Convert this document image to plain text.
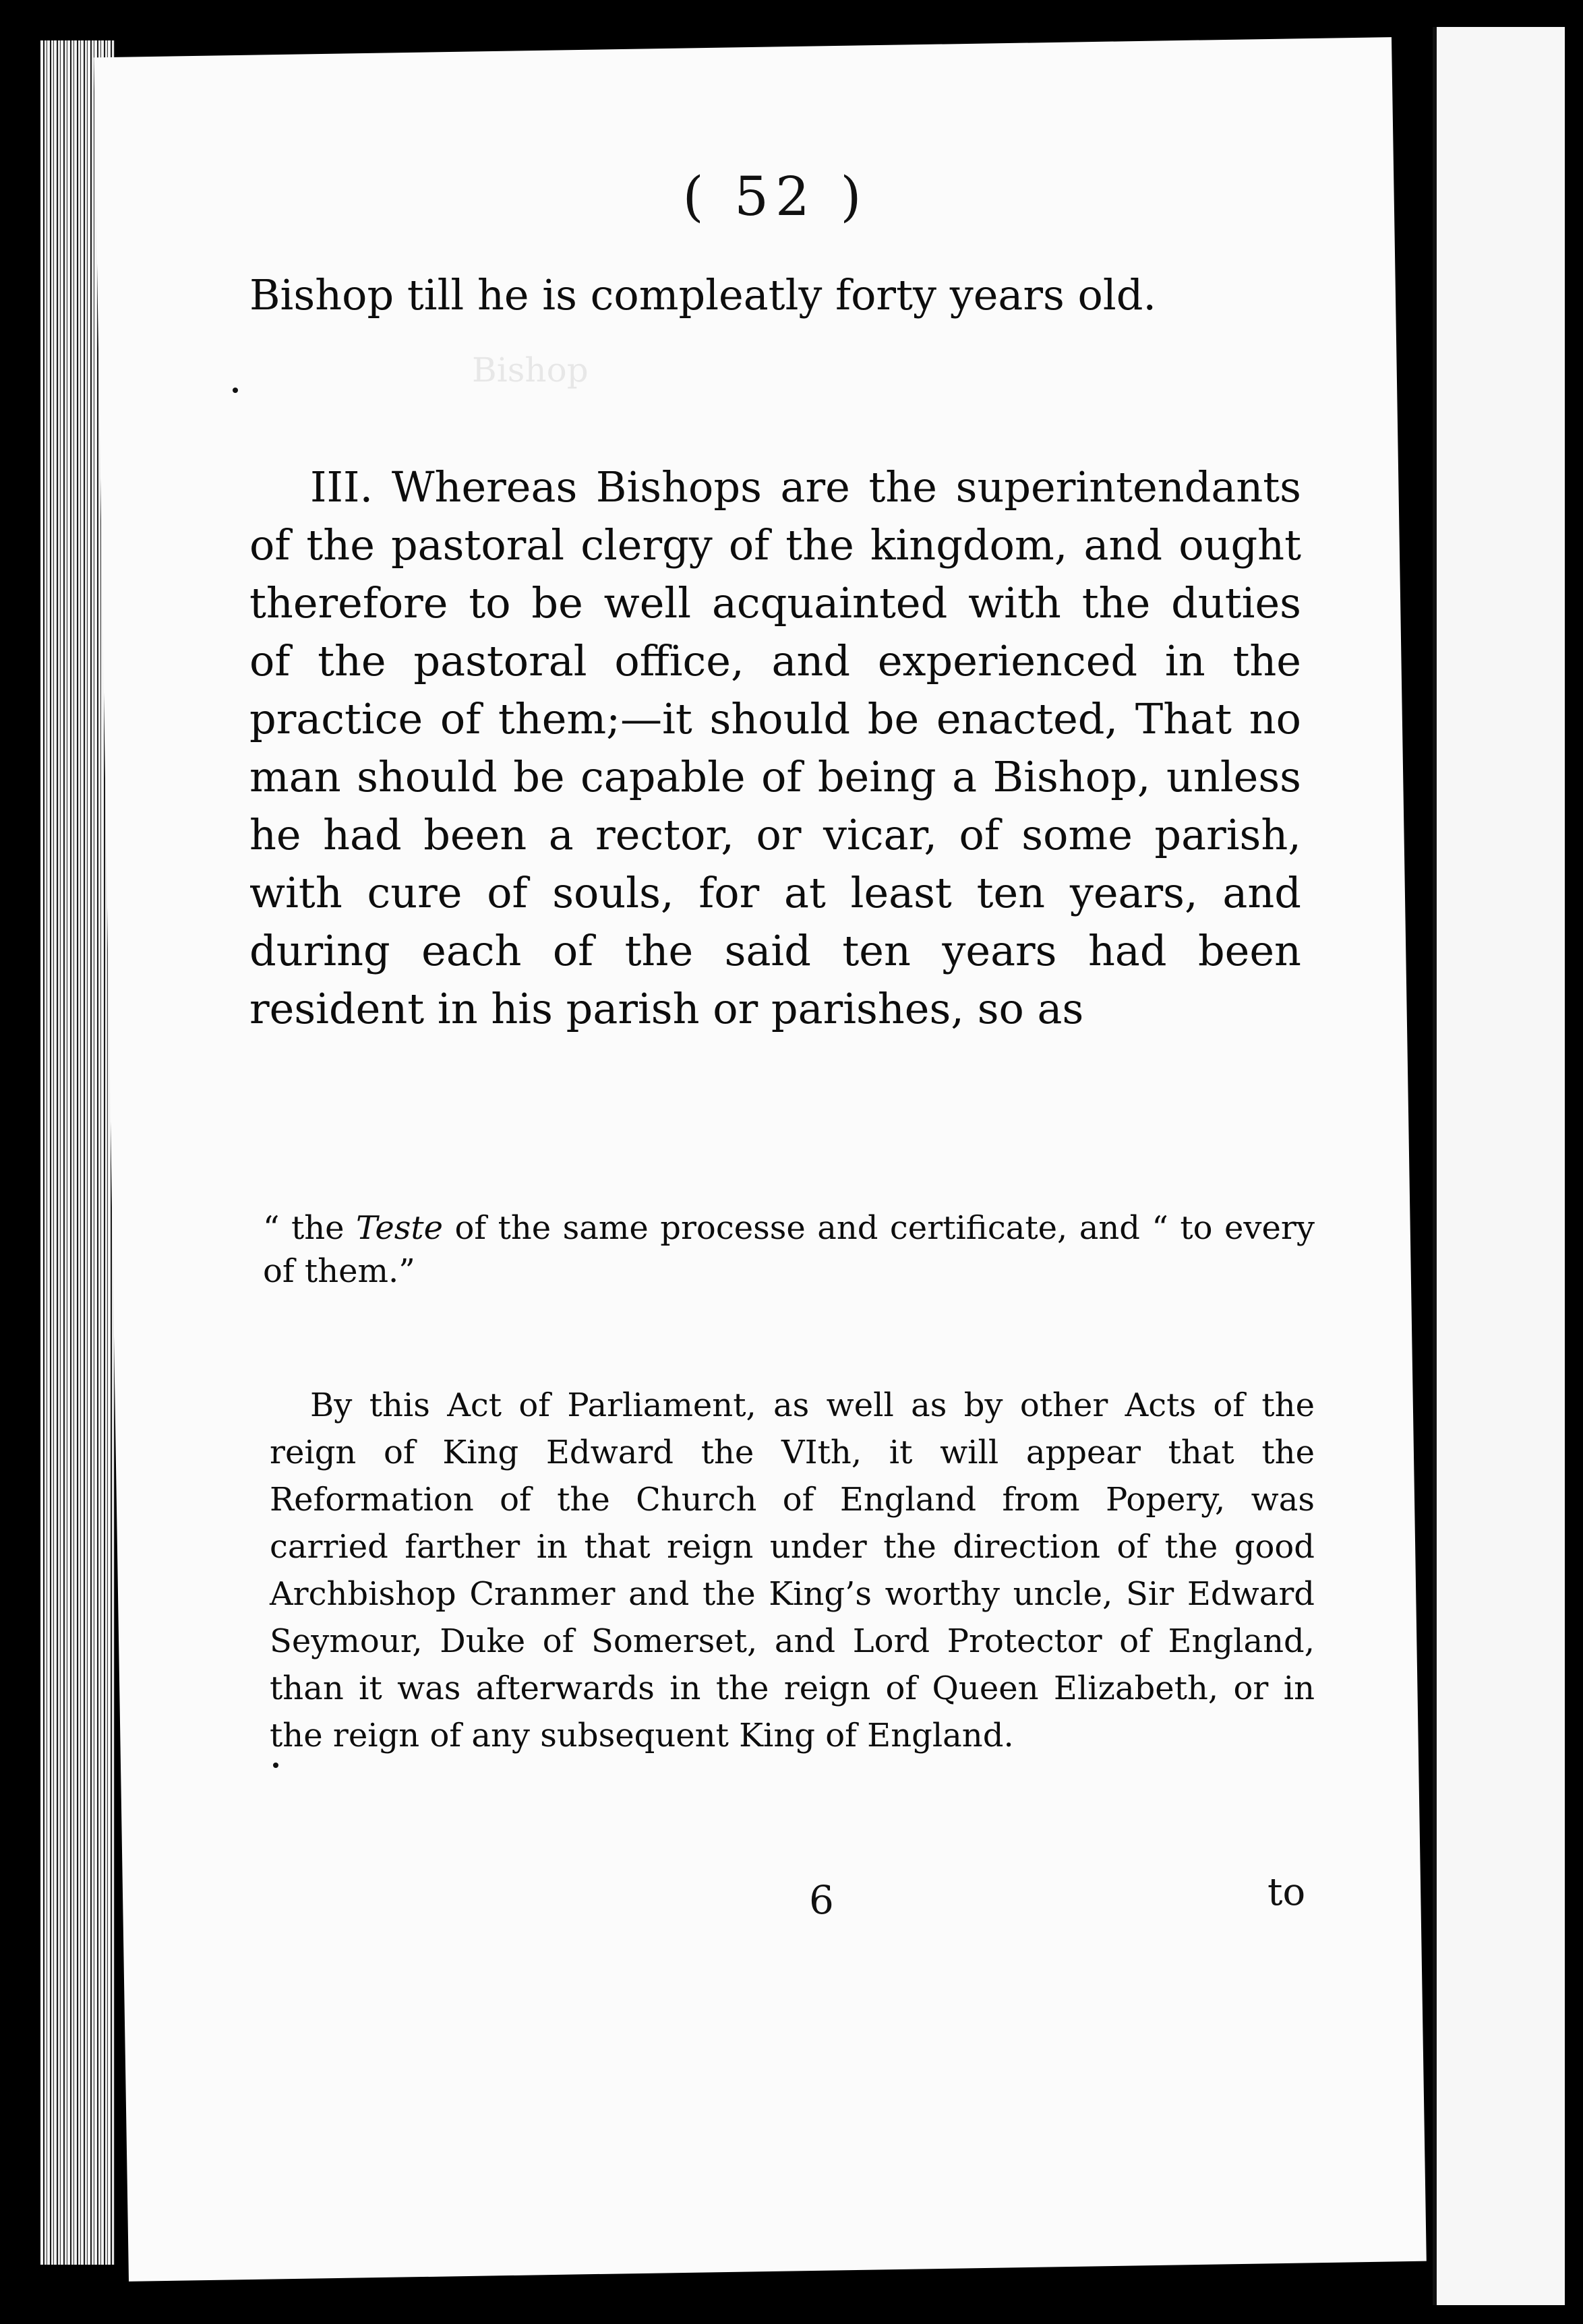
Bishop
( 52 )
Bishop till he is compleatly forty years old.
III. Whereas Bishops are the superintendants of the pastoral clergy of the kingdom, and ought therefore to be well acquainted with the duties of the pastoral office, and experienced in the practice of them;—it should be enacted, That no man should be capable of being a Bishop, unless he had been a rector, or vicar, of some parish, with cure of souls, for at least ten years, and during each of the said ten years had been resident in his parish or parishes, so as
“ the Teste of the same processe and certificate, and “ to every of them.”
By this Act of Parliament, as well as by other Acts of the reign of King Edward the VIth, it will appear that the Reformation of the Church of England from Popery, was carried farther in that reign under the direction of the good Archbishop Cranmer and the King’s worthy uncle, Sir Edward Seymour, Duke of Somerset, and Lord Protector of England, than it was afterwards in the reign of Queen Elizabeth, or in the reign of any subsequent King of England.
6	to
